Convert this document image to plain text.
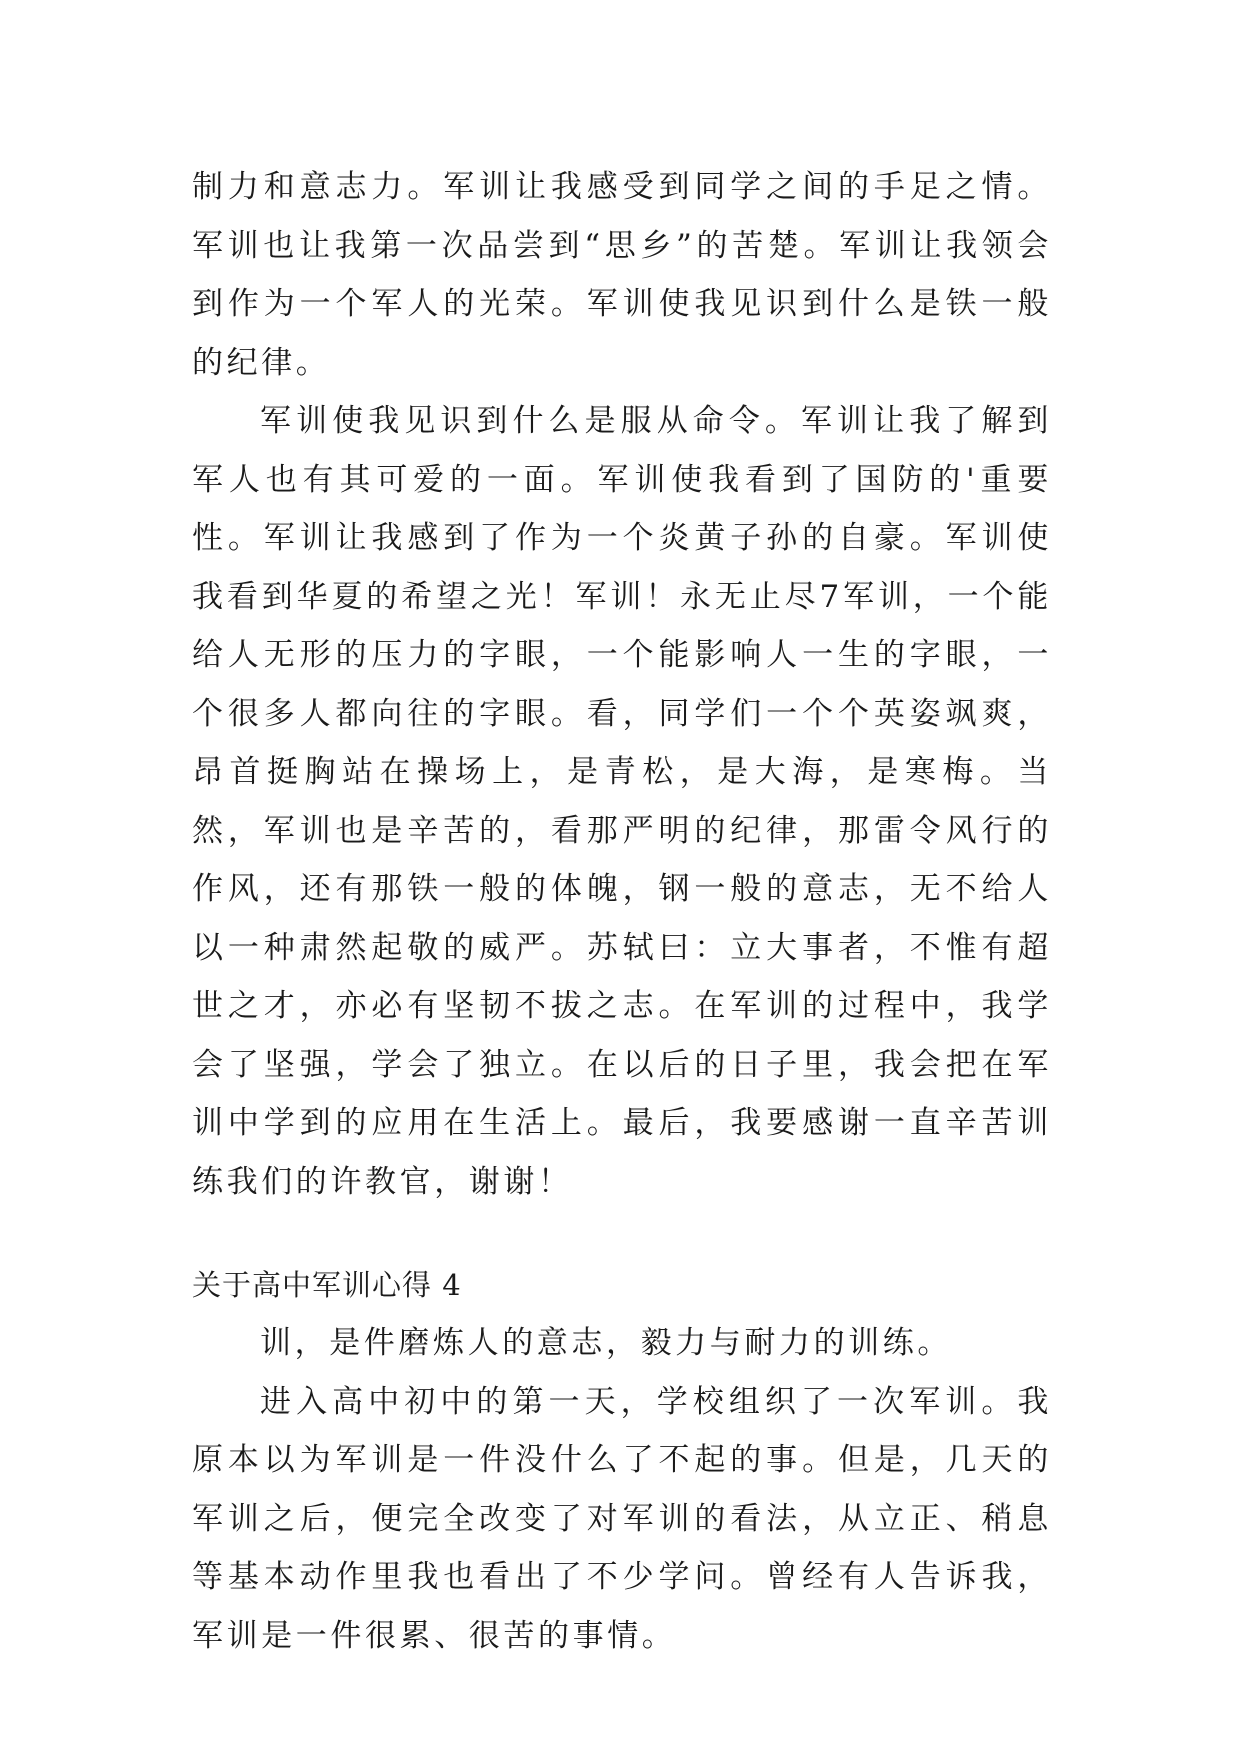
制力和意志力。军训让我感受到同学之间的手足之情。军训也让我第一次品尝到“思乡”的苦楚。军训让我领会到作为一个军人的光荣。军训使我见识到什么是铁一般的纪律。

军训使我见识到什么是服从命令。军训让我了解到军人也有其可爱的一面。军训使我看到了国防的'重要性。军训让我感到了作为一个炎黄子孙的自豪。军训使我看到华夏的希望之光！军训！永无止尽7军训，一个能给人无形的压力的字眼，一个能影响人一生的字眼，一个很多人都向往的字眼。看，同学们一个个英姿飒爽，昂首挺胸站在操场上，是青松，是大海，是寒梅。当然，军训也是辛苦的，看那严明的纪律，那雷令风行的作风，还有那铁一般的体魄，钢一般的意志，无不给人以一种肃然起敬的威严。苏轼曰：立大事者，不惟有超世之才，亦必有坚韧不拔之志。在军训的过程中，我学会了坚强，学会了独立。在以后的日子里，我会把在军训中学到的应用在生活上。最后，我要感谢一直辛苦训练我们的许教官，谢谢！

关于高中军训心得 4

训，是件磨炼人的意志，毅力与耐力的训练。

进入高中初中的第一天，学校组织了一次军训。我原本以为军训是一件没什么了不起的事。但是，几天的军训之后，便完全改变了对军训的看法，从立正、稍息等基本动作里我也看出了不少学问。曾经有人告诉我，军训是一件很累、很苦的事情。
